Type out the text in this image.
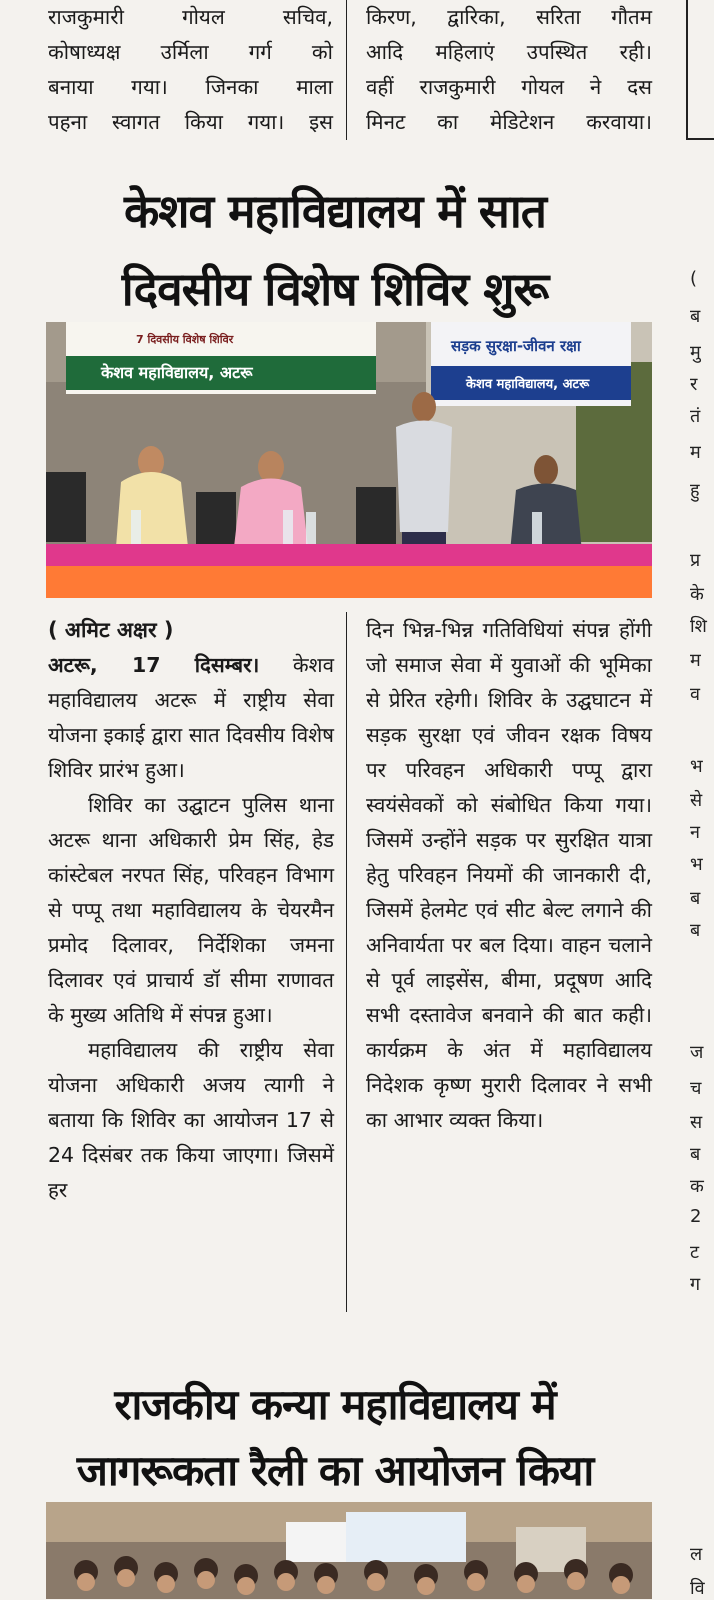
राजकुमारी गोयल सचिव,
कोषाध्यक्ष उर्मिला गर्ग को
बनाया गया। जिनका माला
पहना स्वागत किया गया। इस
किरण, द्वारिका, सरिता गौतम
आदि महिलाएं उपस्थित रही।
वहीं राजकुमारी गोयल ने दस
मिनट का मेडिटेशन करवाया।
केशव महाविद्यालय में सात
दिवसीय विशेष शिविर शुरू
7 दिवसीय विशेष शिविर
केशव महाविद्यालय, अटरू
सड़क सुरक्षा-जीवन रक्षा
केशव महाविद्यालय, अटरू
( अमिट अक्षर )

अटरू, 17 दिसम्बर। केशव महाविद्यालय अटरू में राष्ट्रीय सेवा योजना इकाई द्वारा सात दिवसीय विशेष शिविर प्रारंभ हुआ।

शिविर का उद्घाटन पुलिस थाना अटरू थाना अधिकारी प्रेम सिंह, हेड कांस्टेबल नरपत सिंह, परिवहन विभाग से पप्पू तथा महाविद्यालय के चेयरमैन प्रमोद दिलावर, निर्देशिका जमना दिलावर एवं प्राचार्य डॉ सीमा राणावत के मुख्य अतिथि में संपन्न हुआ।

महाविद्यालय की राष्ट्रीय सेवा योजना अधिकारी अजय त्यागी ने बताया कि शिविर का आयोजन 17 से 24 दिसंबर तक किया जाएगा। जिसमें हर

दिन भिन्न-भिन्न गतिविधियां संपन्न होंगी जो समाज सेवा में युवाओं की भूमिका से प्रेरित रहेगी। शिविर के उद्घघाटन में सड़क सुरक्षा एवं जीवन रक्षक विषय पर परिवहन अधिकारी पप्पू द्वारा स्वयंसेवकों को संबोधित किया गया। जिसमें उन्होंने सड़क पर सुरक्षित यात्रा हेतु परिवहन नियमों की जानकारी दी, जिसमें हेलमेट एवं सीट बेल्ट लगाने की अनिवार्यता पर बल दिया। वाहन चलाने से पूर्व लाइसेंस, बीमा, प्रदूषण आदि सभी दस्तावेज बनवाने की बात कही। कार्यक्रम के अंत में महाविद्यालय निदेशक कृष्ण मुरारी दिलावर ने सभी का आभार व्यक्त किया।

राजकीय कन्या महाविद्यालय में
जागरूकता रैली का आयोजन किया
(
ब
मु
र
तं
म
हु
प्र
के
शि
म
व
भ
से
न
भ
ब
ब
ज
च
स
ब
क
2
ट
ग
ल
वि
